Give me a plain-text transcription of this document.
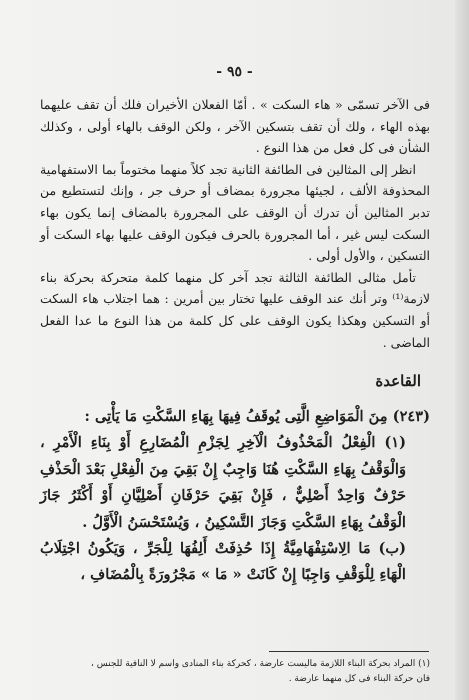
- ٩٥ -

فى الآخر تسمّى « هاء السكت » . أمّا الفعلان الأخيران فلك أن تقف عليهما بهذه الهاء ، ولك أن تقف بتسكين الآخر ، ولكن الوقف بالهاء أولى ، وكذلك الشأن فى كل فعل من هذا النوع .

انظر إلى المثالين فى الطائفة الثانية تجد كلاً منهما مختوماً بما الاستفهامية المحذوفة الألف ، لجيئها مجرورة بمضاف أو حرف جر ، وإنك لتستطيع من تدبر المثالين أن تدرك أن الوقف على المجرورة بالمضاف إنما يكون بهاء السكت ليس غير ، أما المجرورة بالحرف فيكون الوقف عليها بهاء السكت أو التسكين ، والأول أولى .

تأمل مثالى الطائفة الثالثة تجد آخر كل منهما كلمة متحركة بحركة بناء لازمة⁽¹⁾ وتر أنك عند الوقف عليها تختار بين أمرين : هما اجتلاب هاء السكت أو التسكين وهكذا يكون الوقف على كل كلمة من هذا النوع ما عدا الفعل الماضى .

القاعدة

(٢٤٣) مِنَ الْمَوَاضِعِ الَّتِى يُوقَفُ فِيهَا بِهَاءِ السَّكْتِ مَا يَأْتِى :

(١) الْفِعْلُ الْمَحْذُوفُ الْآخِرِ لِجَزْمِ الْمُضَارِعِ أَوْ بِنَاءِ الْأَمْرِ ، وَالْوَقْفُ بِهَاءِ السَّكْتِ هُنَا وَاجِبٌ إِنْ بَقِيَ مِنَ الْفِعْلِ بَعْدَ الْحَذْفِ حَرْفٌ وَاحِدٌ أَصْلِيٌّ ، فَإِنْ بَقِيَ حَرْفَانِ أَصْلِيَّانِ أَوْ أَكْثَرُ جَازَ الْوَقْفُ بِهَاءِ السَّكْتِ وَجَازَ التَّسْكِينُ ، وَيُسْتَحْسَنُ الْأَوَّلُ .

(ب) مَا الِاسْتِفْهَامِيَّةُ إِذَا حُذِفَتْ أَلِفُهَا لِلْجَرِّ ، وَيَكُونُ اجْتِلَابُ الْهَاءِ لِلْوَقْفِ وَاجِبًا إِنْ كَانَتْ « مَا » مَجْرُورَةً بِالْمُضَافِ ،

(١) المراد بحركة البناء اللازمة ماليست عارضة ، كحركة بناء المنادى واسم لا النافية للجنس ،

فان حركة البناء فى كل منهما عارضة .
